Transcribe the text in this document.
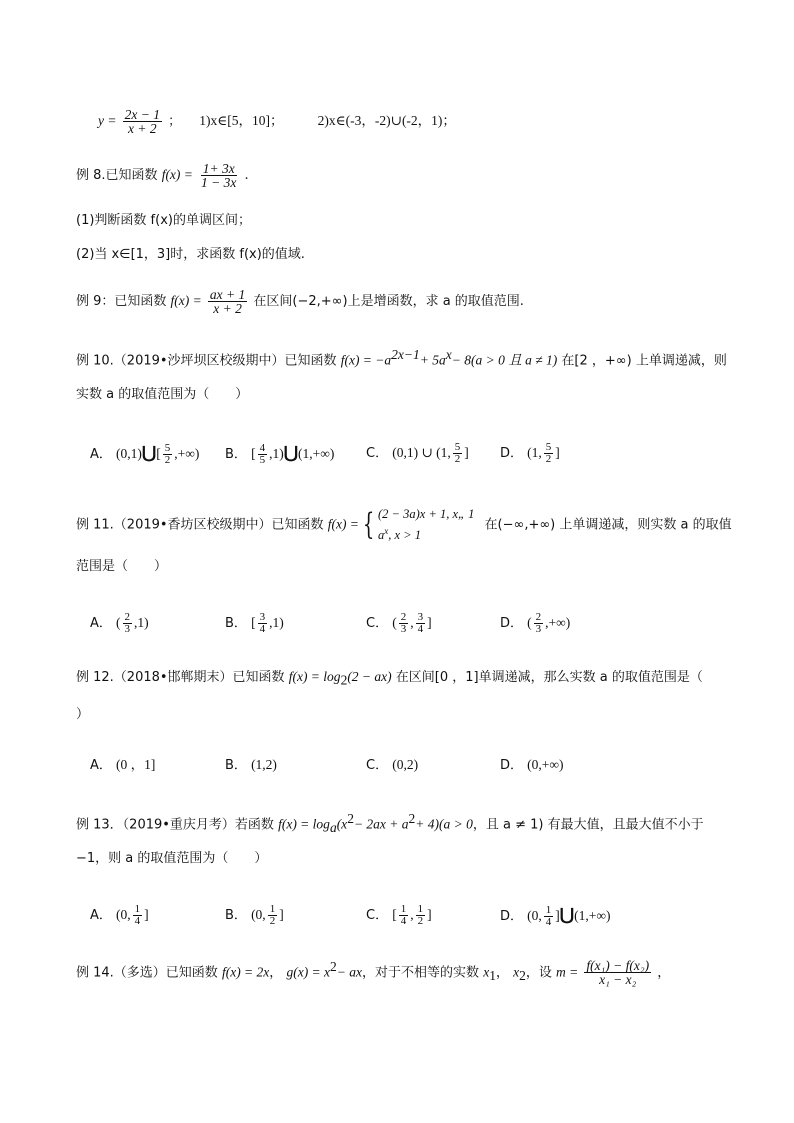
$y = \frac{2x - 1}{x + 2}$ ； 1)x∈[5，10]；	2)x∈(-3，-2)∪(-2，1)；
例 8.已知函数 $f(x) = \frac{1+ 3x}{1 - 3x}$ .
(1)判断函数 f(x)的单调区间；
(2)当 x∈[1，3]时，求函数 f(x)的值域.
例 9：已知函数 $f(x) = \frac{ax + 1}{x + 2}$ 在区间(−2,+∞)上是增函数，求 a 的取值范围.
例 10.（2019•沙坪坝区校级期中）已知函数 $f(x) = -a^{2x-1}+ 5a^x- 8(a > 0$ 且 a ≠ 1) 在[2 ，+∞) 上单调递减，则
实数 a 的取值范围为（　　）
A． (0,1)⋃[ $\frac{5}{2}$ ,+∞) B． [ $\frac{4}{5}$ ,1)⋃(1,+∞) C． (0,1) ∪ (1, $\frac{5}{2}$ ] D． (1, $\frac{5}{2}$ ]
例 11.（2019•香坊区校级期中）已知函数 f(x) = { (2 − 3a)x + 1, x„ 1
$a^x$, x > 1
在(−∞,+∞) 上单调递减，则实数 a 的取值
范围是（　　）
A． ( $\frac{2}{3} ,1$)	B． [ $\frac{3}{4} ,1$)	C． ( $\frac{2}{3}$ , $\frac{3}{4}$ ]	D． ( $\frac{2}{3}$ ,+∞)
例 12.（2018•邯郸期末）已知函数 $f(x) = \log_2(2 - ax)$ 在区间[0 ，1]单调递减，那么实数 a 的取值范围是（
）
A． (0 ，1]	B． (1,2)	C． (0,2)	D． (0,+∞)
例 13．（2019•重庆月考）若函数 $f(x) = \log_a(x^2- 2ax + a^2+ 4)(a > 0$，且 a ≠ 1) 有最大值，且最大值不小于
−1，则 a 的取值范围为（　　）
A． (0, $\frac{1}{4}$ ]	B． (0, $\frac{1}{2}$ ]	C． [ $\frac{1}{4}$ , $\frac{1}{2}$ ]	D． (0, $\frac{1}{4}$ ]⋃(1,+∞)
例 14.（多选）已知函数 f(x) = 2x， $g(x) = x^2-$ ax，对于不相等的实数 $x_1$， $x_2$，设 $m = \frac{\text{f(x₁) − f(x₂)}}{\text{x₁ − x₂}}$ ，
